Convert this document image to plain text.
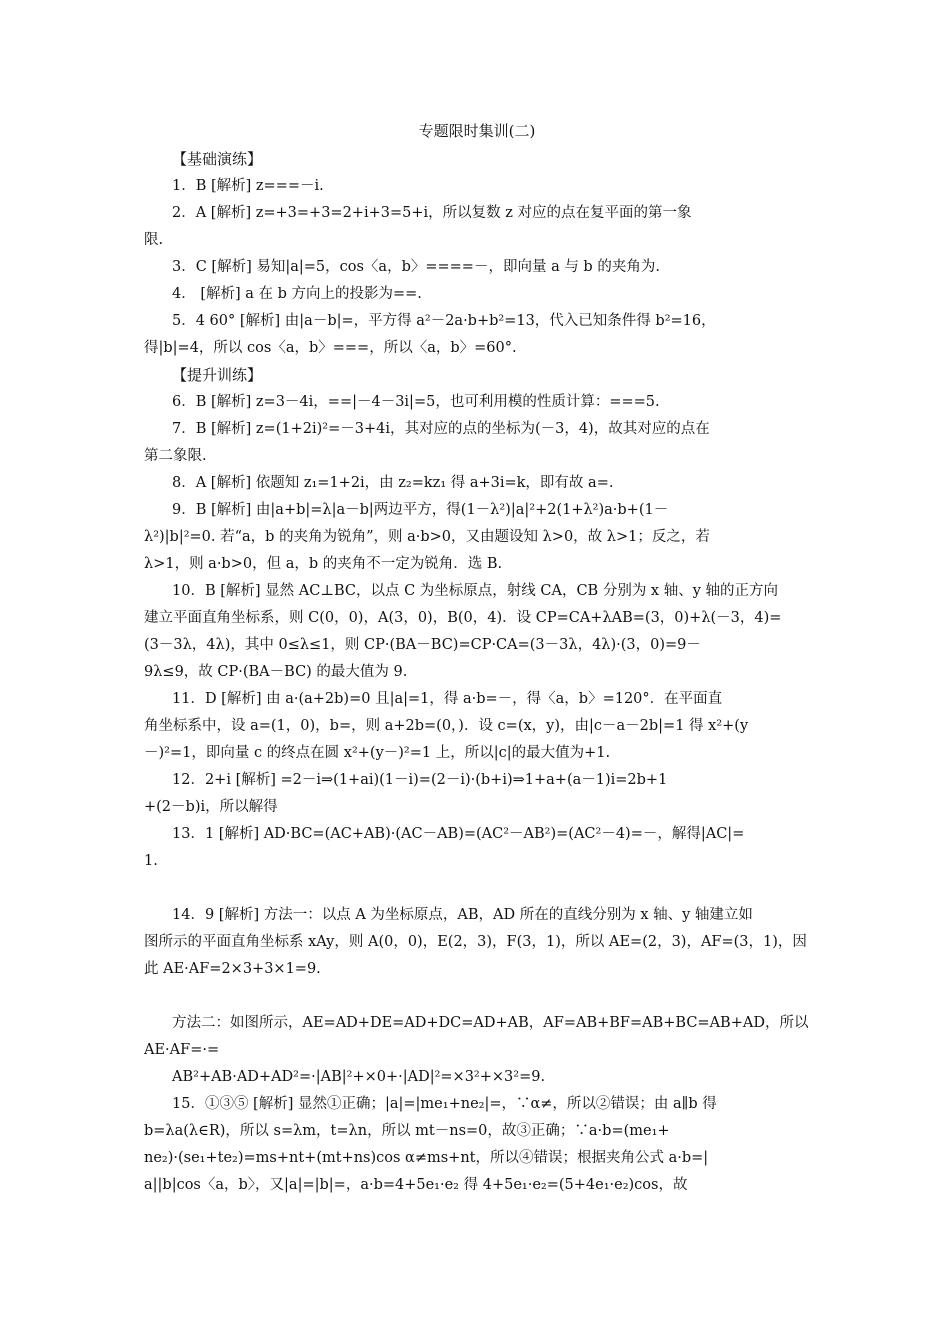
专题限时集训(二)

【基础演练】

1．B [解析] z===－i.

2．A [解析] z=+3=+3=2+i+3=5+i，所以复数 z 对应的点在复平面的第一象

限.

3．C [解析] 易知|a|=5，cos〈a，b〉====－，即向量 a 与 b 的夹角为.

4． [解析] a 在 b 方向上的投影为==.

5．4 60° [解析] 由|a－b|=，平方得 a²－2a·b+b²=13，代入已知条件得 b²=16，

得|b|=4，所以 cos〈a，b〉===，所以〈a，b〉=60°.

【提升训练】

6．B [解析] z=3－4i，==|－4－3i|=5，也可利用模的性质计算：===5.

7．B [解析] z=(1+2i)²=－3+4i，其对应的点的坐标为(－3，4)，故其对应的点在

第二象限.

8．A [解析] 依题知 z₁=1+2i，由 z₂=kz₁ 得 a+3i=k，即有故 a=.

9．B [解析] 由|a+b|=λ|a－b|两边平方，得(1－λ²)|a|²+2(1+λ²)a·b+(1－

λ²)|b|²=0. 若“a，b 的夹角为锐角”，则 a·b>0，又由题设知 λ>0，故 λ>1；反之，若

λ>1，则 a·b>0，但 a，b 的夹角不一定为锐角．选 B.

10．B [解析] 显然 AC⊥BC，以点 C 为坐标原点，射线 CA，CB 分别为 x 轴、y 轴的正方向

建立平面直角坐标系，则 C(0，0)，A(3，0)，B(0，4)．设 CP=CA+λAB=(3，0)+λ(－3，4)=

(3－3λ，4λ)，其中 0≤λ≤1，则 CP·(BA－BC)=CP·CA=(3－3λ，4λ)·(3，0)=9－

9λ≤9，故 CP·(BA－BC) 的最大值为 9.

11．D [解析] 由 a·(a+2b)=0 且|a|=1，得 a·b=－，得〈a，b〉=120°．在平面直

角坐标系中，设 a=(1，0)，b=，则 a+2b=(0，)．设 c=(x，y)，由|c－a－2b|=1 得 x²+(y

－)²=1，即向量 c 的终点在圆 x²+(y－)²=1 上，所以|c|的最大值为+1.

12．2+i [解析] =2－i⇒(1+ai)(1－i)=(2－i)·(b+i)⇒1+a+(a－1)i=2b+1

+(2－b)i，所以解得

13．1 [解析] AD·BC=(AC+AB)·(AC－AB)=(AC²－AB²)=(AC²－4)=－，解得|AC|=

1.

14．9 [解析] 方法一：以点 A 为坐标原点，AB，AD 所在的直线分别为 x 轴、y 轴建立如

图所示的平面直角坐标系 xAy，则 A(0，0)，E(2，3)，F(3，1)，所以 AE=(2，3)，AF=(3，1)，因

此 AE·AF=2×3+3×1=9.

方法二：如图所示，AE=AD+DE=AD+DC=AD+AB，AF=AB+BF=AB+BC=AB+AD，所以

AE·AF=·=

AB²+AB·AD+AD²=·|AB|²+×0+·|AD|²=×3²+×3²=9.

15．①③⑤ [解析] 显然①正确；|a|=|me₁+ne₂|=，∵α≠，所以②错误；由 a∥b 得

b=λa(λ∈R)，所以 s=λm，t=λn，所以 mt－ns=0，故③正确；∵a·b=(me₁+

ne₂)·(se₁+te₂)=ms+nt+(mt+ns)cos α≠ms+nt，所以④错误；根据夹角公式 a·b=|

a||b|cos〈a，b〉，又|a|=|b|=，a·b=4+5e₁·e₂ 得 4+5e₁·e₂=(5+4e₁·e₂)cos，故
